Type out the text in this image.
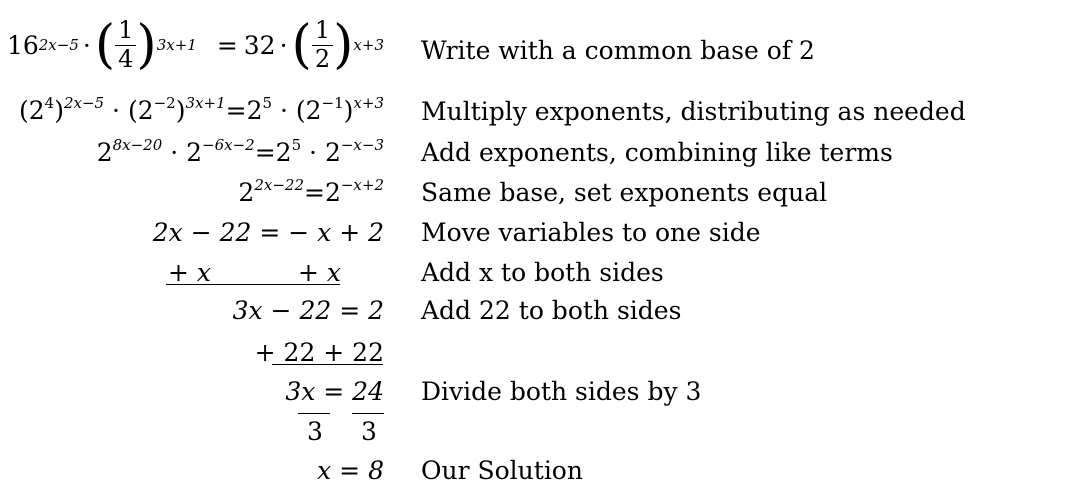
16 2x−5 · ( $\frac{1}{4}$ ) 3x+1 = 32 · ( $\frac{1}{2}$ ) x+3 Write with a common base of 2
$(2^4)^{2x-5} \cdot (2^{-2})^{3x+1}=2^5 \cdot (2^{-1})^{x+3}$ Multiply exponents, distributing as needed
$2^{8x-20} \cdot 2^{-6x-2}=2^5 \cdot 2^{-x-3}$ Add exponents, combining like terms
$2^{2x-22}=2^{-x+2}$ Same base, set exponents equal
2x − 22 = − x + 2 Move variables to one side
+ x	+ x	Add x to both sides
3x − 22 = 2 Add 22 to both sides
+ 22 + 22
3x = 24 Divide both sides by 3
3 3
x = 8 Our Solution
